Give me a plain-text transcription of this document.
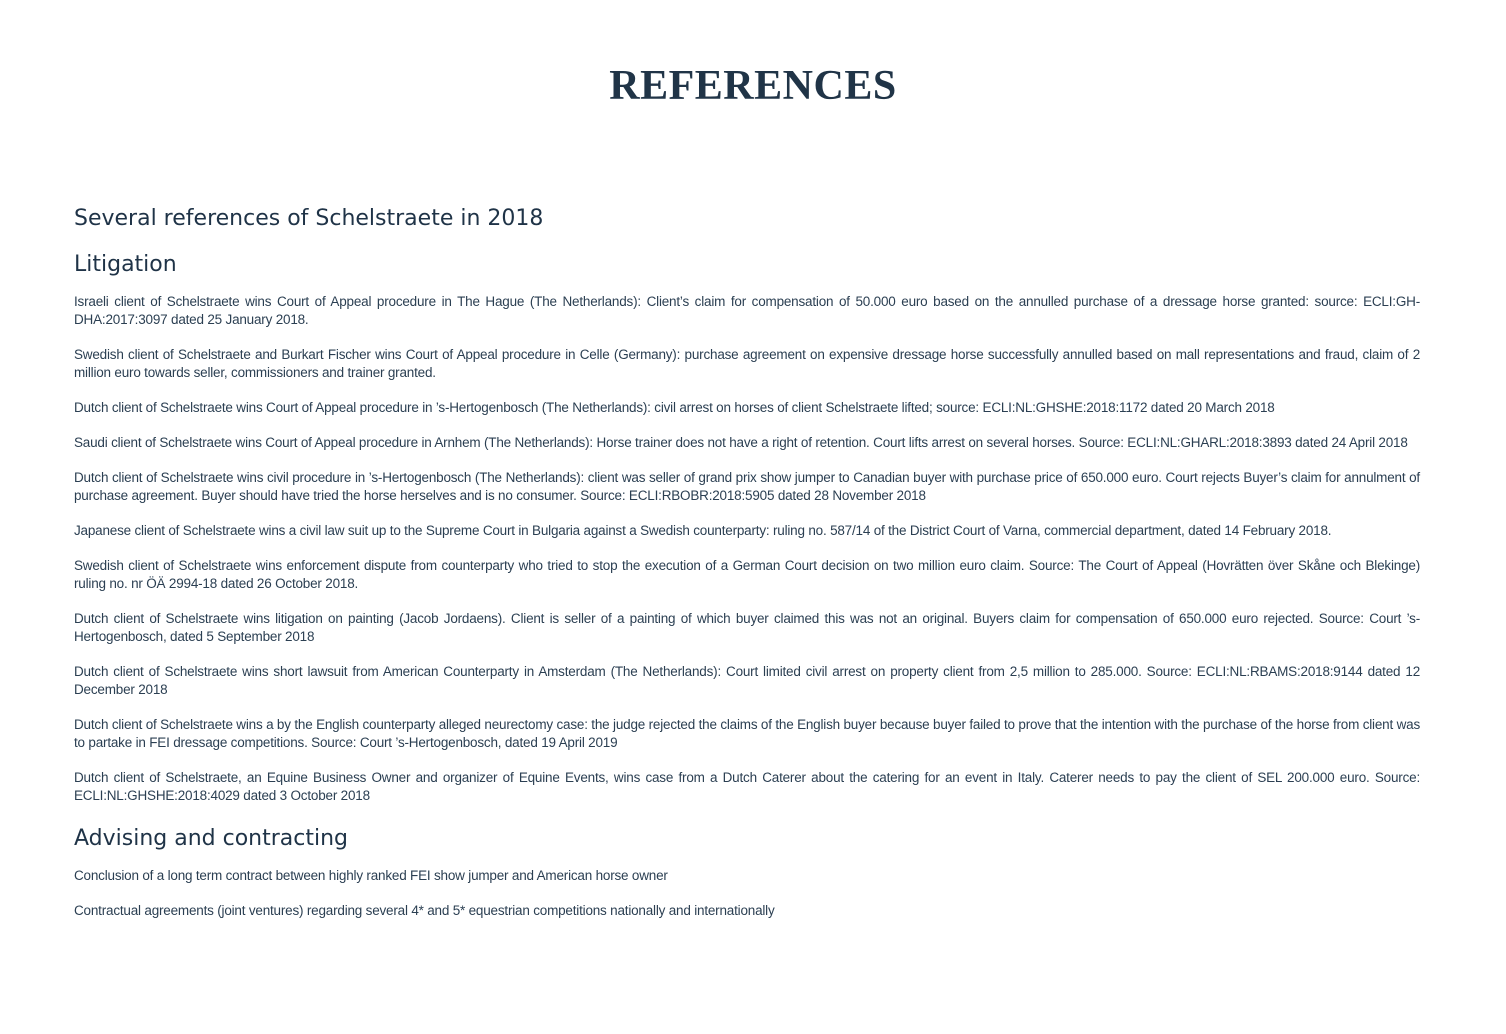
REFERENCES
Several references of Schelstraete in 2018
Litigation
Israeli client of Schelstraete wins Court of Appeal procedure in The Hague (The Netherlands): Client’s claim for compensation of 50.000 euro based on the annulled purchase of a dressage horse granted: source: ECLI:GH-DHA:2017:3097 dated 25 January 2018.
Swedish client of Schelstraete and Burkart Fischer wins Court of Appeal procedure in Celle (Germany): purchase agreement on expensive dressage horse successfully annulled based on mall representations and fraud, claim of 2 million euro towards seller, commissioners and trainer granted.
Dutch client of Schelstraete wins Court of Appeal procedure in ’s-Hertogenbosch (The Netherlands): civil arrest on horses of client Schelstraete lifted; source: ECLI:NL:GHSHE:2018:1172 dated 20 March 2018
Saudi client of Schelstraete wins Court of Appeal procedure in Arnhem (The Netherlands): Horse trainer does not have a right of retention. Court lifts arrest on several horses. Source: ECLI:NL:GHARL:2018:3893 dated 24 April 2018
Dutch client of Schelstraete wins civil procedure in ’s-Hertogenbosch (The Netherlands): client was seller of grand prix show jumper to Canadian buyer with purchase price of 650.000 euro. Court rejects Buyer’s claim for annulment of purchase agreement. Buyer should have tried the horse herselves and is no consumer. Source: ECLI:RBOBR:2018:5905 dated 28 November 2018
Japanese client of Schelstraete wins a civil law suit up to the Supreme Court in Bulgaria against a Swedish counterparty: ruling no. 587/14 of the District Court of Varna, commercial department, dated 14 February 2018.
Swedish client of Schelstraete wins enforcement dispute from counterparty who tried to stop the execution of a German Court decision on two million euro claim. Source: The Court of Appeal (Hovrätten över Skåne och Blekinge) ruling no. nr ÖÄ 2994-18 dated 26 October 2018.
Dutch client of Schelstraete wins litigation on painting (Jacob Jordaens). Client is seller of a painting of which buyer claimed this was not an original. Buyers claim for compensation of 650.000 euro rejected. Source: Court ’s-Hertogenbosch, dated 5 September 2018
Dutch client of Schelstraete wins short lawsuit from American Counterparty in Amsterdam (The Netherlands): Court limited civil arrest on property client from 2,5 million to 285.000. Source: ECLI:NL:RBAMS:2018:9144 dated 12 December 2018
Dutch client of Schelstraete wins a by the English counterparty alleged neurectomy case: the judge rejected the claims of the English buyer because buyer failed to prove that the intention with the purchase of the horse from client was to partake in FEI dressage competitions. Source: Court ’s-Hertogenbosch, dated 19 April 2019
Dutch client of Schelstraete, an Equine Business Owner and organizer of Equine Events, wins case from a Dutch Caterer about the catering for an event in Italy. Caterer needs to pay the client of SEL 200.000 euro. Source: ECLI:NL:GHSHE:2018:4029 dated 3 October 2018
Advising and contracting
Conclusion of a long term contract between highly ranked FEI show jumper and American horse owner
Contractual agreements (joint ventures) regarding several 4* and 5* equestrian competitions nationally and internationally
